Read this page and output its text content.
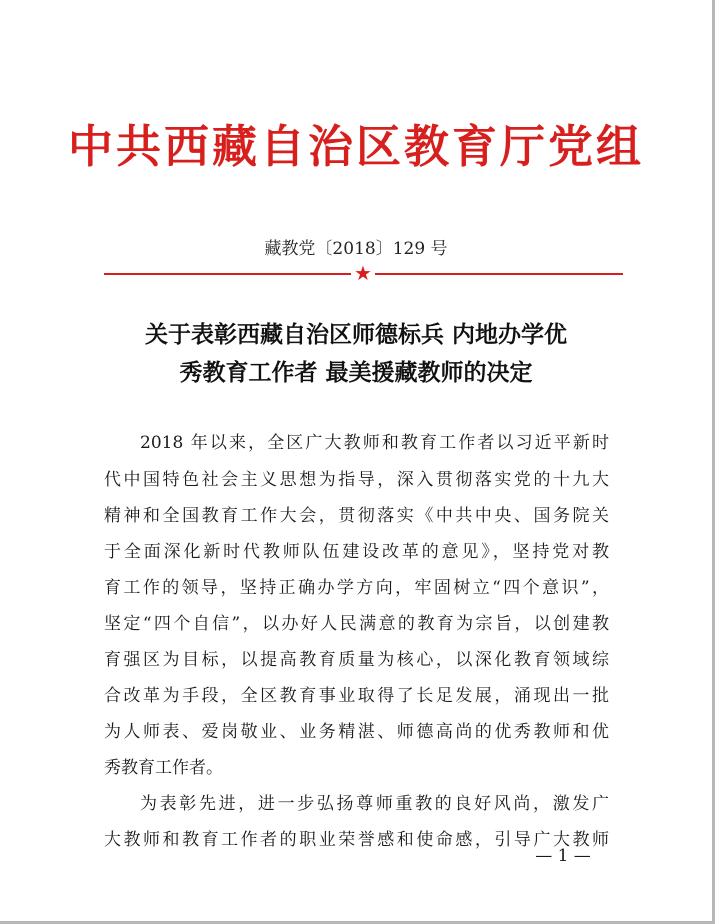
中共西藏自治区教育厅党组
藏教党〔2018〕129 号
★
关于表彰西藏自治区师德标兵 内地办学优
秀教育工作者 最美援藏教师的决定
2018 年以来，全区广大教师和教育工作者以习近平新时
代中国特色社会主义思想为指导，深入贯彻落实党的十九大
精神和全国教育工作大会，贯彻落实《中共中央、国务院关
于全面深化新时代教师队伍建设改革的意见》，坚持党对教
育工作的领导，坚持正确办学方向，牢固树立“四个意识”，
坚定“四个自信”，以办好人民满意的教育为宗旨，以创建教
育强区为目标，以提高教育质量为核心，以深化教育领域综
合改革为手段，全区教育事业取得了长足发展，涌现出一批
为人师表、爱岗敬业、业务精湛、师德高尚的优秀教师和优
秀教育工作者。
为表彰先进，进一步弘扬尊师重教的良好风尚，激发广
大教师和教育工作者的职业荣誉感和使命感，引导广大教师
— 1 —
